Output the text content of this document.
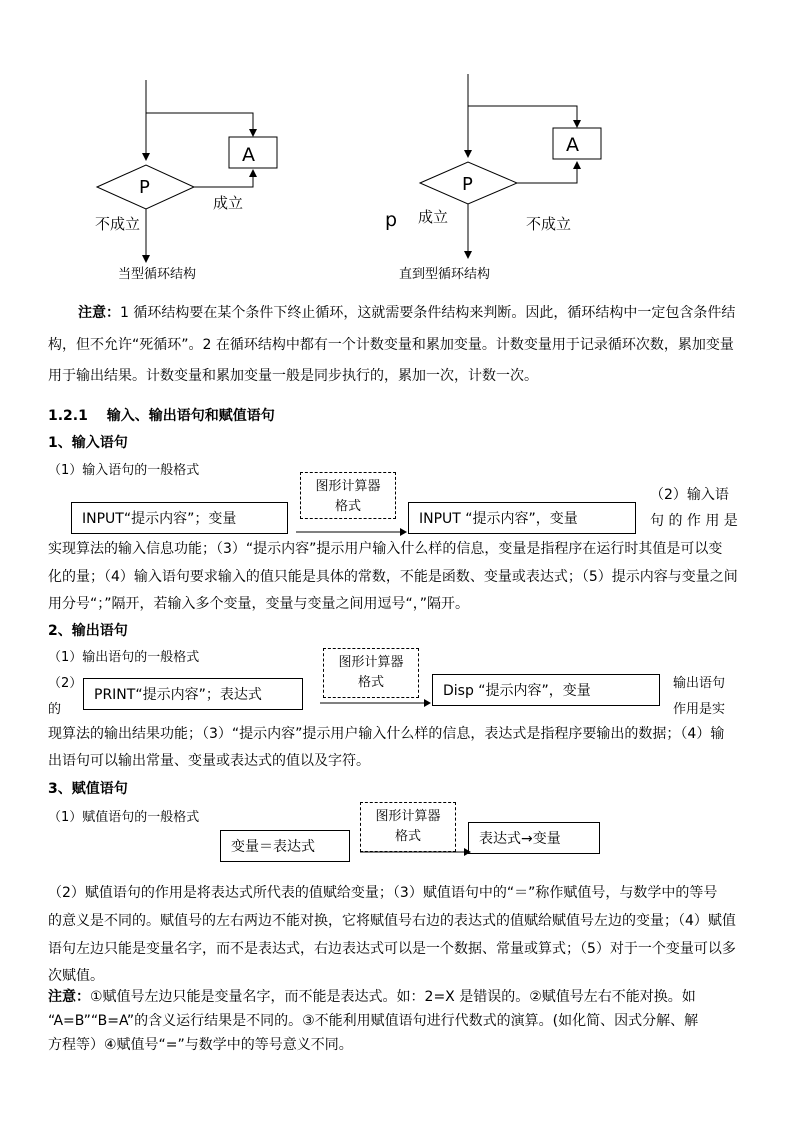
A
P
成立
不成立
当型循环结构
A
P
p 成立	不成立
直到型循环结构
注意：1 循环结构要在某个条件下终止循环，这就需要条件结构来判断。因此，循环结构中一定包含条件结
构，但不允许“死循环”。2 在循环结构中都有一个计数变量和累加变量。计数变量用于记录循环次数，累加变量
用于输出结果。计数变量和累加变量一般是同步执行的，累加一次，计数一次。
1.2.1　 输入、输出语句和赋值语句
1、输入语句
（1）输入语句的一般格式
INPUT“提示内容”；变量
图形计算器
格式
INPUT “提示内容”，变量
（2）输入语
句 的 作 用 是
实现算法的输入信息功能；（3）“提示内容”提示用户输入什么样的信息，变量是指程序在运行时其值是可以变
化的量；（4）输入语句要求输入的值只能是具体的常数，不能是函数、变量或表达式；（5）提示内容与变量之间
用分号“；”隔开，若输入多个变量，变量与变量之间用逗号“，”隔开。
2、输出语句
（1）输出语句的一般格式
（2）
的
PRINT“提示内容”；表达式
图形计算器
格式
Disp “提示内容”，变量	输出语句
作用是实
现算法的输出结果功能；（3）“提示内容”提示用户输入什么样的信息，表达式是指程序要输出的数据；（4）输
出语句可以输出常量、变量或表达式的值以及字符。
3、赋值语句
（1）赋值语句的一般格式
变量＝表达式
图形计算器
格式	表达式→变量
（2）赋值语句的作用是将表达式所代表的值赋给变量；（3）赋值语句中的“＝”称作赋值号，与数学中的等号
的意义是不同的。赋值号的左右两边不能对换，它将赋值号右边的表达式的值赋给赋值号左边的变量；（4）赋值
语句左边只能是变量名字，而不是表达式，右边表达式可以是一个数据、常量或算式；（5）对于一个变量可以多
次赋值。
注意：①赋值号左边只能是变量名字，而不能是表达式。如：2=X 是错误的。②赋值号左右不能对换。如
“A=B”“B=A”的含义运行结果是不同的。③不能利用赋值语句进行代数式的演算。(如化简、因式分解、解
方程等）④赋值号“=”与数学中的等号意义不同。
